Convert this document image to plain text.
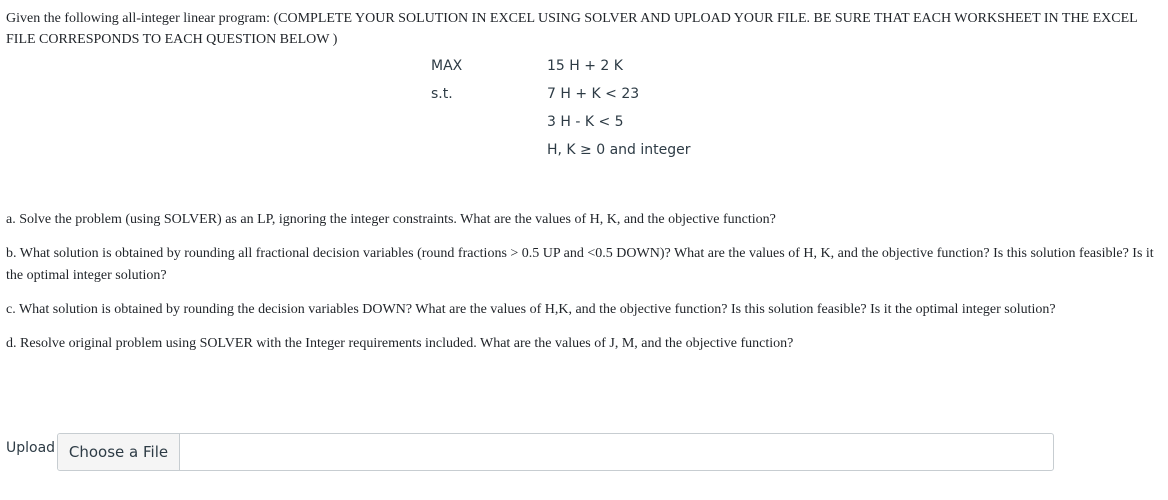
Given the following all-integer linear program: (COMPLETE YOUR SOLUTION IN EXCEL USING SOLVER AND UPLOAD YOUR FILE. BE SURE THAT EACH WORKSHEET IN THE EXCEL FILE CORRESPONDS TO EACH QUESTION BELOW )
MAX	15 H + 2 K
s.t.	7 H + K < 23
3 H - K < 5
H, K ≥ 0 and integer
a. Solve the problem (using SOLVER) as an LP, ignoring the integer constraints. What are the values of H, K, and the objective function?
b. What solution is obtained by rounding all fractional decision variables (round fractions > 0.5 UP and <0.5 DOWN)? What are the values of H, K, and the objective function? Is this solution feasible? Is it the optimal integer solution?
c. What solution is obtained by rounding the decision variables DOWN? What are the values of H,K, and the objective function? Is this solution feasible? Is it the optimal integer solution?
d. Resolve original problem using SOLVER with the Integer requirements included. What are the values of J, M, and the objective function?
Upload Choose a File
